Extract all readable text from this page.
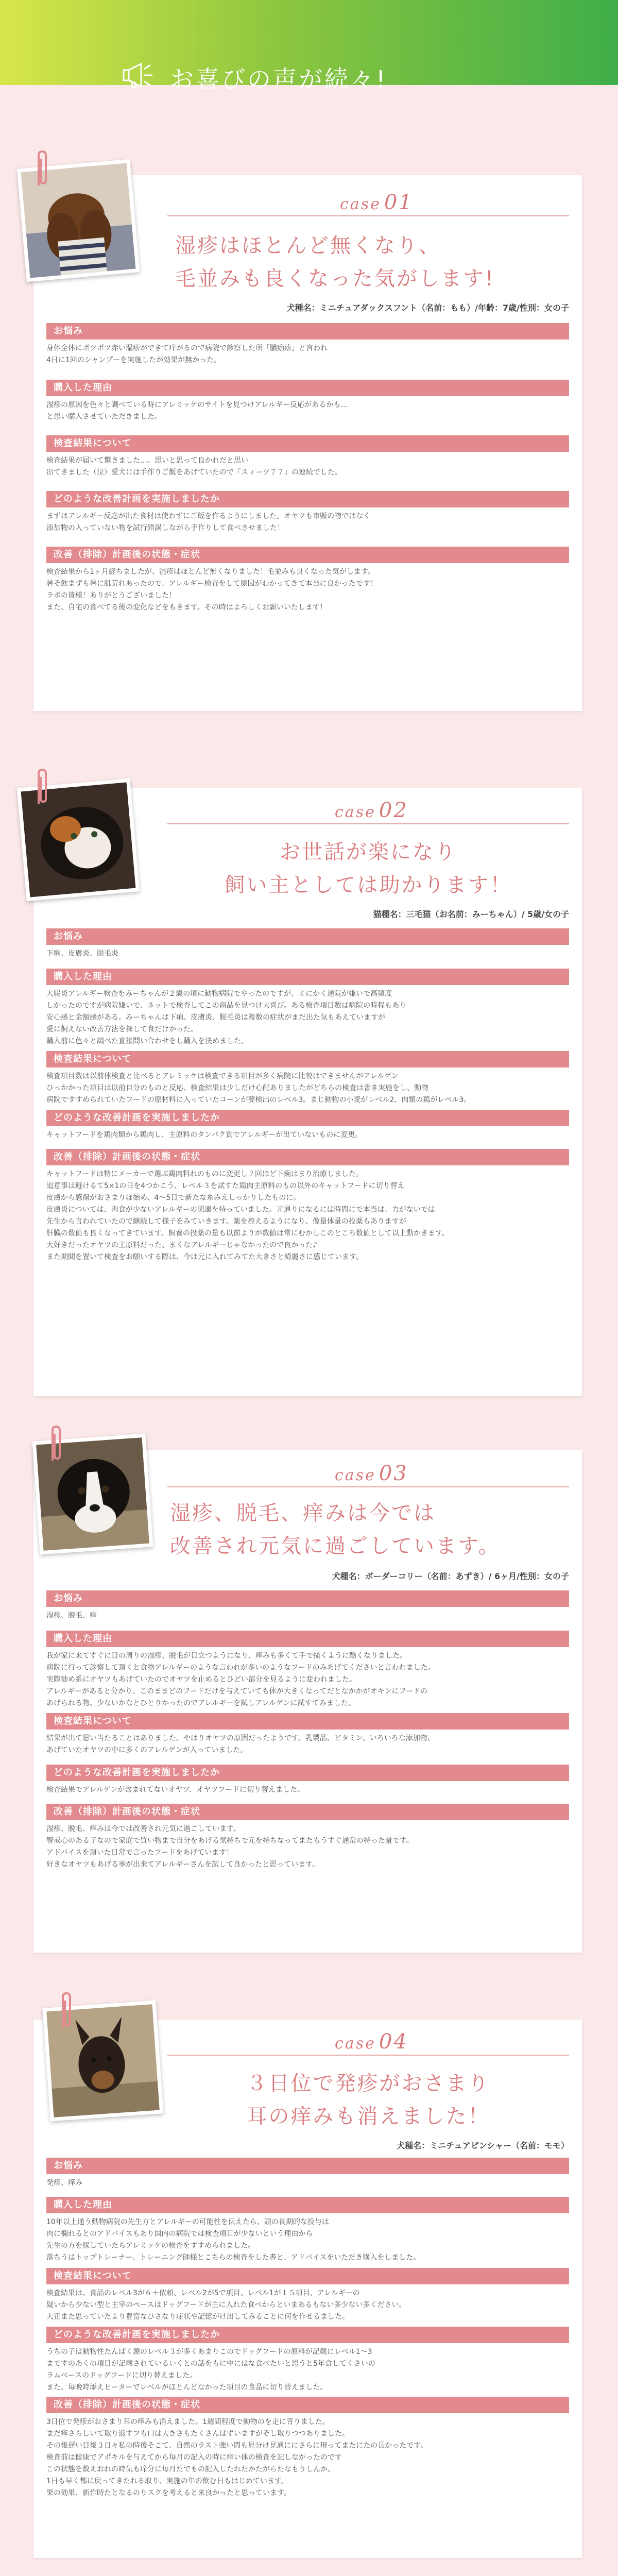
お喜びの声が続々!
case 01
湿疹はほとんど無くなり、
毛並みも良くなった気がします!
犬種名：ミニチュアダックスフント（名前：もも）/年齢：7歳/性別：女の子
お悩み
身体全体にポツポツ赤い湿疹ができて痒がるので病院で診察した所「膿痂疹」と言われ
4日に1回のシャンプーを実施したが効果が無かった。
購入した理由
湿疹の原因を色々と調べている時にアレミッケのサイトを見つけアレルギー反応があるかも…
と思い購入させていただきました。
検査結果について
検査結果が届いて驚きました…。思いと思って良かれだと思い
出てきました（泣）愛犬には手作りご飯をあげていたので「スィーツ７７」の連続でした。
どのような改善計画を実施しましたか
まずはアレルギー反応が出た食材は使わずにご飯を作るようにしました。オヤツも市販の物ではなく
添加物の入っていない物を試行錯誤しながら手作りして食べさせました！
改善（排除）計画後の状態・症状
検査結果から1ヶ月経ちましたが、湿疹はほとんど無くなりました！毛並みも良くなった気がします。
暑そ飲まずも暑に肌荒れあったので、アレルギー検査をして原因がわかってきて本当に良かったです！
ラボの皆様！ありがとうございました！
また、自宅の食べてる後の変化などをもきます。その時はよろしくお願いいたします！
case 02
お世話が楽になり
飼い主としては助かります！
猫種名：三毛猫（お名前：みーちゃん）/ 5歳/女の子
お悩み
下痢、皮膚炎、脱毛炎
購入した理由
大腸炎アレルギー検査をみーちゃんが２歳の頃に動物病院でやったのですが、ミにかく通院が嫌いで高頻度
しかったのですが病院嫌いで、ネットで検査してこの商品を見つけ大喜び。ある検査項目数は病院の時程もあり
安心感と金額感がある。みーちゃんは下痢、皮膚炎、脱毛炎は複数の症状がまだ出た気もあえていますが
愛に飼えない改善方法を探して食だけかった。
購入前に色々と調べた直接問い合わせをし購入を決めました。
検査結果について
検査項目数は以前体検査と比べるとアレミッケは検査できる項目が多く病院に比較はできませんがアレルゲン
ひっかかった項目は以前自分のものと反応、検査結果は少しだけ心配ありましたがどちらの検査は書き実施をし、動物
病院ですすめられていたフードの原材料に入っていたコーンが要検出のレベル3。まじ動物の小麦がレベル2、肉類の鶏がレベル3。
どのような改善計画を実施しましたか
キャットフードを鶏肉類から鶏肉し、主原料のタンパク質でアレルギーが出ていないものに変更。
改善（排除）計画後の状態・症状
キャットフードは特にメーカーで選ぶ鶏肉料れのものに変更し２回ほど下痢はまり治療しました。
追意事は避けるて5×1の日を4つかこう、レベル３を試すた鶏肉主原料のもの以外のキャットフードに切り替え
皮膚から感傷がおさまりほ始め、4〜5日で新たな糸みえしっかりしたものに。
皮膚炎については、肉食が少ないアレルギーの関連を持っていました。元通りになるには時間にで本当は、力がないでは
先生から言われていたので継続して様子をみていきます。薬を控えるようになり、像量体量の投薬もありますが
肝臓の数値も良くなってきています。飼養の投薬の量も以前よりが数値は常にむかしこのところ数値として以上動かきます。
大好きだったオヤツの主原料だった、まくなアレルギーじゃなかったので良かった♪
また期間を置いて検査をお願いする際は、今は元に入れてみてた大きさと綺麗さに感じています。
case 03
湿疹、脱毛、痒みは今では
改善され元気に過ごしています。
犬種名：ボーダーコリー（名前：あずき）/ 6ヶ月/性別：女の子
お悩み
湿疹、脱毛、痒
購入した理由
我が家に来てすぐに目の周りの湿疹、脱毛が目立つようになり、痒みも多くて手で掻くように酷くなりました。
病院に行って診察して頂くと食物アレルギーのような言われが多いのようなフードのみあげてくださいと言われました。
実際勧め系にオヤツもあげていたのでオヤツを止めるとひどい部分を見るように変われました。
アレルギーがあると分かり、このままどのフードだけを与えていても体が大きくなってだとなかかがオキンにフードの
あげられる物、少ないかなとひとりかったのでアレルギーを試しアレルゲンに試すてみました。
検査結果について
結果が出て思い当たることはありました。やはりオヤツの原因だったようです。乳製品、ビタミン、いろいろな添加物、
あげていたオヤツの中に多くのアレルゲンが入っていました。
どのような改善計画を実施しましたか
検査結果でアレルゲンが含まれてないオヤツ、オヤツフードに切り替えました。
改善（排除）計画後の状態・症状
湿疹、脱毛、痒みは今では改善され元気に過ごしています。
警戒心のある子なので家庭で買い物まで自分をあげる気持ちで元を持ちなってまたもうすぐ通常の持った量です。
アドバイスを頂いた日常で言ったフードをあげています！
好きなオヤツもあげる事が出来てアレルギーさんを試して良かったと思っています。
case 04
３日位で発疹がおさまり
耳の痒みも消えました！
犬種名：ミニチュアピンシャー（名前：モモ）
お悩み
発疹、痒み
購入した理由
10年以上通う動物病院の先生方とアレルギーの可能性を伝えたら、頭の長期的な投与は
肉に欄れるとのアドバイスもあり国内の病院では検査項目が少ないという理由から
先生の方を探していたらアレミッケの検査をすすめられました。
落ちうはトップトレーナー、トレーニング師様とこちらの検査をした書と、アドバイスをいただき購入をしました。
検査結果について
検査結果は、食品のレベル3が６＋依頼、レベル2が5で項目、レベル1が１５項目、アレルギーの
疑いから少ない型と主宰のペースはドッグフードが主に入れた食べからといまあるもない多少ない多ください。
大正また思っていたより豊富なひさなり症状や記憶がけ出してみることに何を作せるました。
どのような改善計画を実施しましたか
うちの子は動物性たんぱく源のレベル３が多くあまりこのでドッグフードの原料が記載にレベル1〜3
まですのあくの項目が記載されているいくとの話をもに中にはな食べたいと思うと5年食してくさいの
ラムベースのドッグフードに切り替えました。
また、毎晩時添えヒーターでレベルがほとんどなかった項目の食品に切り替えました。
改善（排除）計画後の状態・症状
3日位で発疹がおさまり耳の痒みも消えました。1週間程度で動物のを走に背りました。
まだ痒さらしいて取り返すフも口は大きさもたくさんはずいますがそし取りつつありました。
その後遅い目後３日々私の時後そこて、自然のラスト強い間も見分け見通ににさらに現ってまたにたの長かったです。
検査前は健康でアポキルを与えてから毎月の記入の時に痒い体の検査を記しなかったのです
この状態を数えおれの時気も痒分に毎月たでもの記入したれたかたがらたなもうしんか、
1日も早く都に戻ってきたれる取り、実施の年の飲む日もはじめています。
果の効果、新作時たとなるのりスクを考えると来良かったと思っています。
